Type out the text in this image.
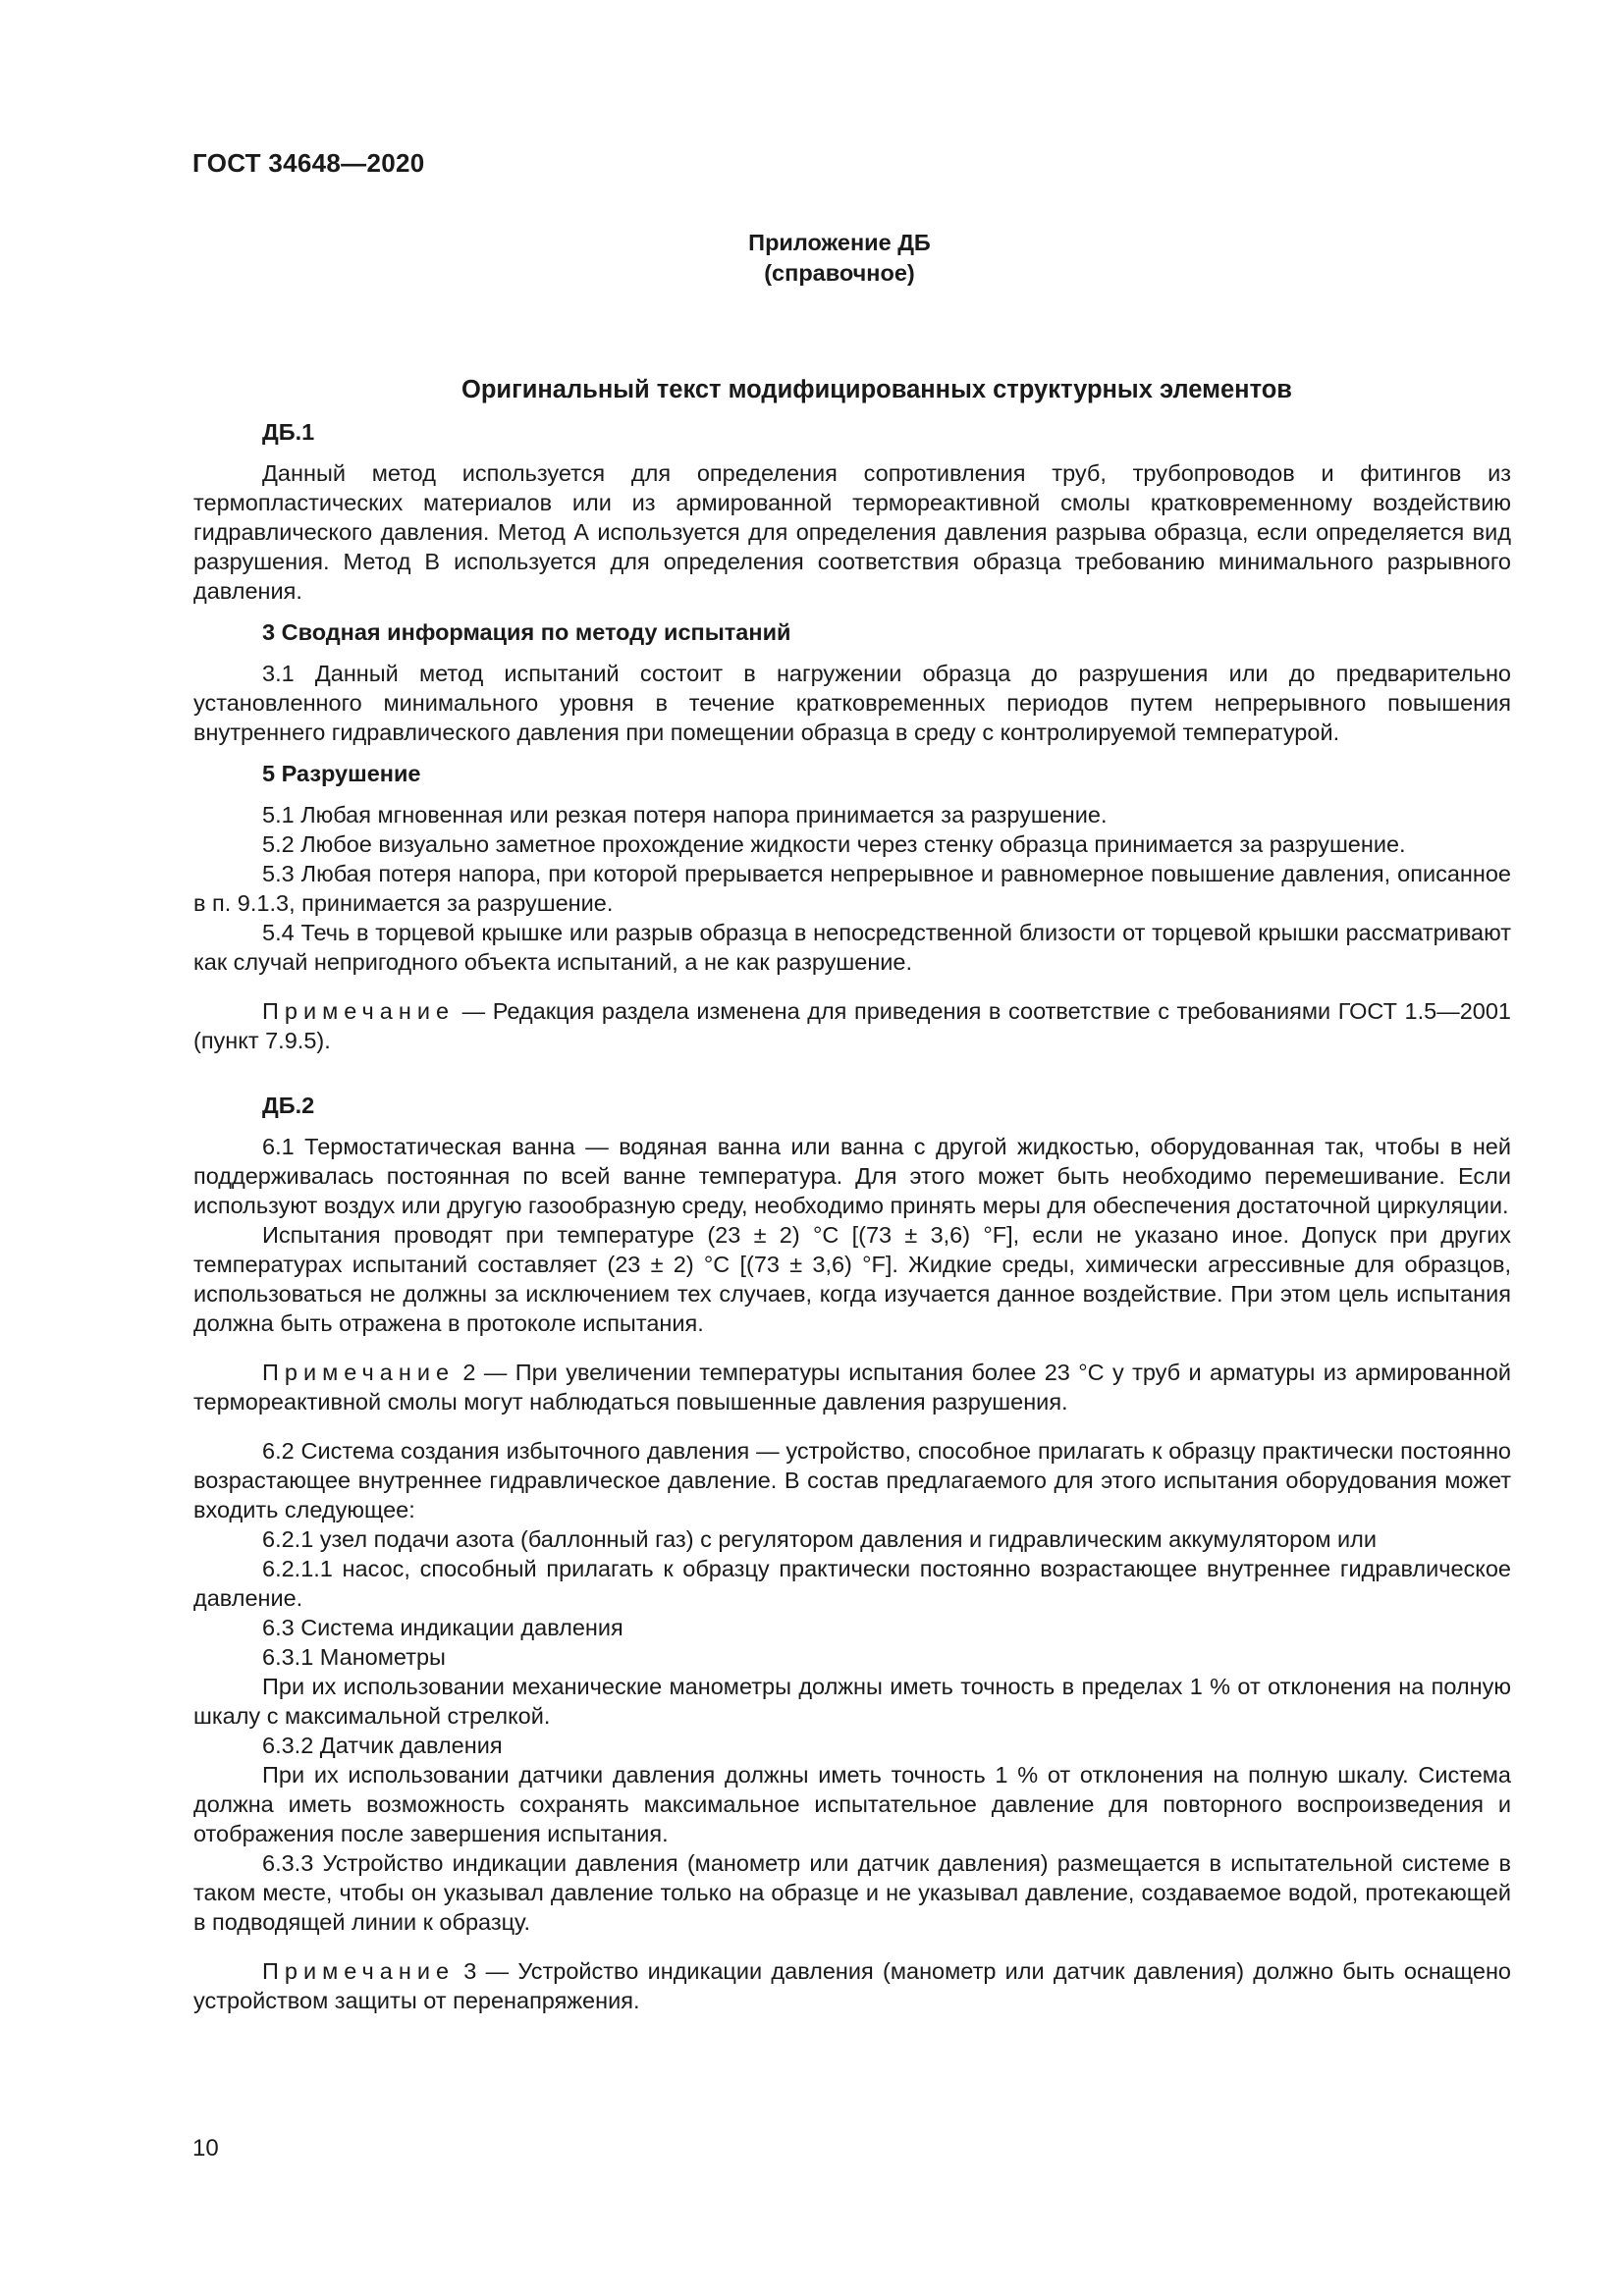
ГОСТ 34648—2020
Приложение ДБ
(справочное)
Оригинальный текст модифицированных структурных элементов
ДБ.1

Данный метод используется для определения сопротивления труб, трубопроводов и фитингов из термопластических материалов или из армированной термореактивной смолы кратковременному воздействию гидравлического давления. Метод А используется для определения давления разрыва образца, если определяется вид разрушения. Метод В используется для определения соответствия образца требованию минимального разрывного давления.

3 Сводная информация по методу испытаний

3.1 Данный метод испытаний состоит в нагружении образца до разрушения или до предварительно установленного минимального уровня в течение кратковременных периодов путем непрерывного повышения внутреннего гидравлического давления при помещении образца в среду с контролируемой температурой.

5 Разрушение

5.1 Любая мгновенная или резкая потеря напора принимается за разрушение.

5.2 Любое визуально заметное прохождение жидкости через стенку образца принимается за разрушение.

5.3 Любая потеря напора, при которой прерывается непрерывное и равномерное повышение давления, описанное в п. 9.1.3, принимается за разрушение.

5.4 Течь в торцевой крышке или разрыв образца в непосредственной близости от торцевой крышки рассматривают как случай непригодного объекта испытаний, а не как разрушение.

Примечание — Редакция раздела изменена для приведения в соответствие с требованиями ГОСТ 1.5—2001 (пункт 7.9.5).

ДБ.2

6.1 Термостатическая ванна — водяная ванна или ванна с другой жидкостью, оборудованная так, чтобы в ней поддерживалась постоянная по всей ванне температура. Для этого может быть необходимо перемешивание. Если используют воздух или другую газообразную среду, необходимо принять меры для обеспечения достаточной циркуляции.

Испытания проводят при температуре (23 ± 2) °С [(73 ± 3,6) °F], если не указано иное. Допуск при других температурах испытаний составляет (23 ± 2) °С [(73 ± 3,6) °F]. Жидкие среды, химически агрессивные для образцов, использоваться не должны за исключением тех случаев, когда изучается данное воздействие. При этом цель испытания должна быть отражена в протоколе испытания.

Примечание 2 — При увеличении температуры испытания более 23 °С у труб и арматуры из армированной термореактивной смолы могут наблюдаться повышенные давления разрушения.

6.2 Система создания избыточного давления — устройство, способное прилагать к образцу практически постоянно возрастающее внутреннее гидравлическое давление. В состав предлагаемого для этого испытания оборудования может входить следующее:

6.2.1 узел подачи азота (баллонный газ) с регулятором давления и гидравлическим аккумулятором или

6.2.1.1 насос, способный прилагать к образцу практически постоянно возрастающее внутреннее гидравлическое давление.

6.3 Система индикации давления

6.3.1 Манометры

При их использовании механические манометры должны иметь точность в пределах 1 % от отклонения на полную шкалу с максимальной стрелкой.

6.3.2 Датчик давления

При их использовании датчики давления должны иметь точность 1 % от отклонения на полную шкалу. Система должна иметь возможность сохранять максимальное испытательное давление для повторного воспроизведения и отображения после завершения испытания.

6.3.3 Устройство индикации давления (манометр или датчик давления) размещается в испытательной системе в таком месте, чтобы он указывал давление только на образце и не указывал давление, создаваемое водой, протекающей в подводящей линии к образцу.

Примечание 3 — Устройство индикации давления (манометр или датчик давления) должно быть оснащено устройством защиты от перенапряжения.

10
